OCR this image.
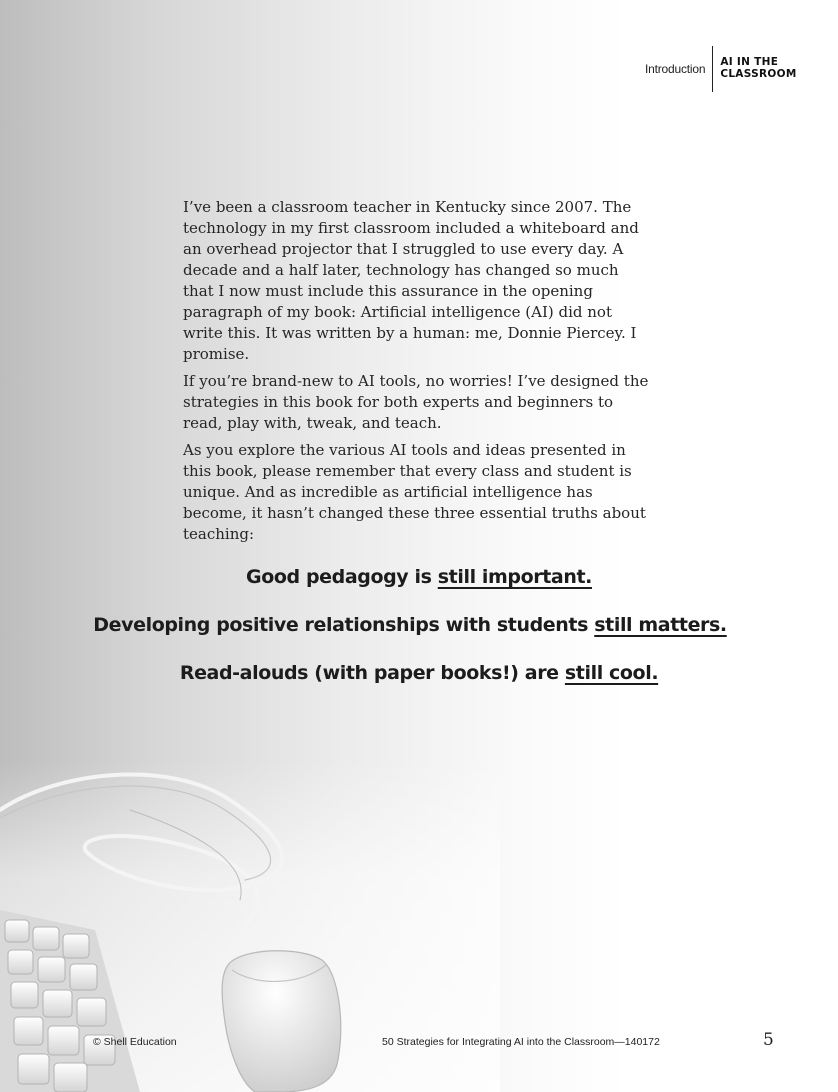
Introduction	AI IN THE
CLASSROOM

I’ve been a classroom teacher in Kentucky since 2007. The technology in my first classroom included a whiteboard and an overhead projector that I struggled to use every day. A decade and a half later, technology has changed so much that I now must include this assurance in the opening paragraph of my book: Artificial intelligence (AI) did not write this. It was written by a human: me, Donnie Piercey. I promise.

If you’re brand-new to AI tools, no worries! I’ve designed the strategies in this book for both experts and beginners to read, play with, tweak, and teach.

As you explore the various AI tools and ideas presented in this book, please remember that every class and student is unique. And as incredible as artificial intelligence has become, it hasn’t changed these three essential truths about teaching:

Good pedagogy is still important.
Developing positive relationships with students still matters.
Read-alouds (with paper books!) are still cool.
© Shell Education	50 Strategies for Integrating AI into the Classroom—140172	5
